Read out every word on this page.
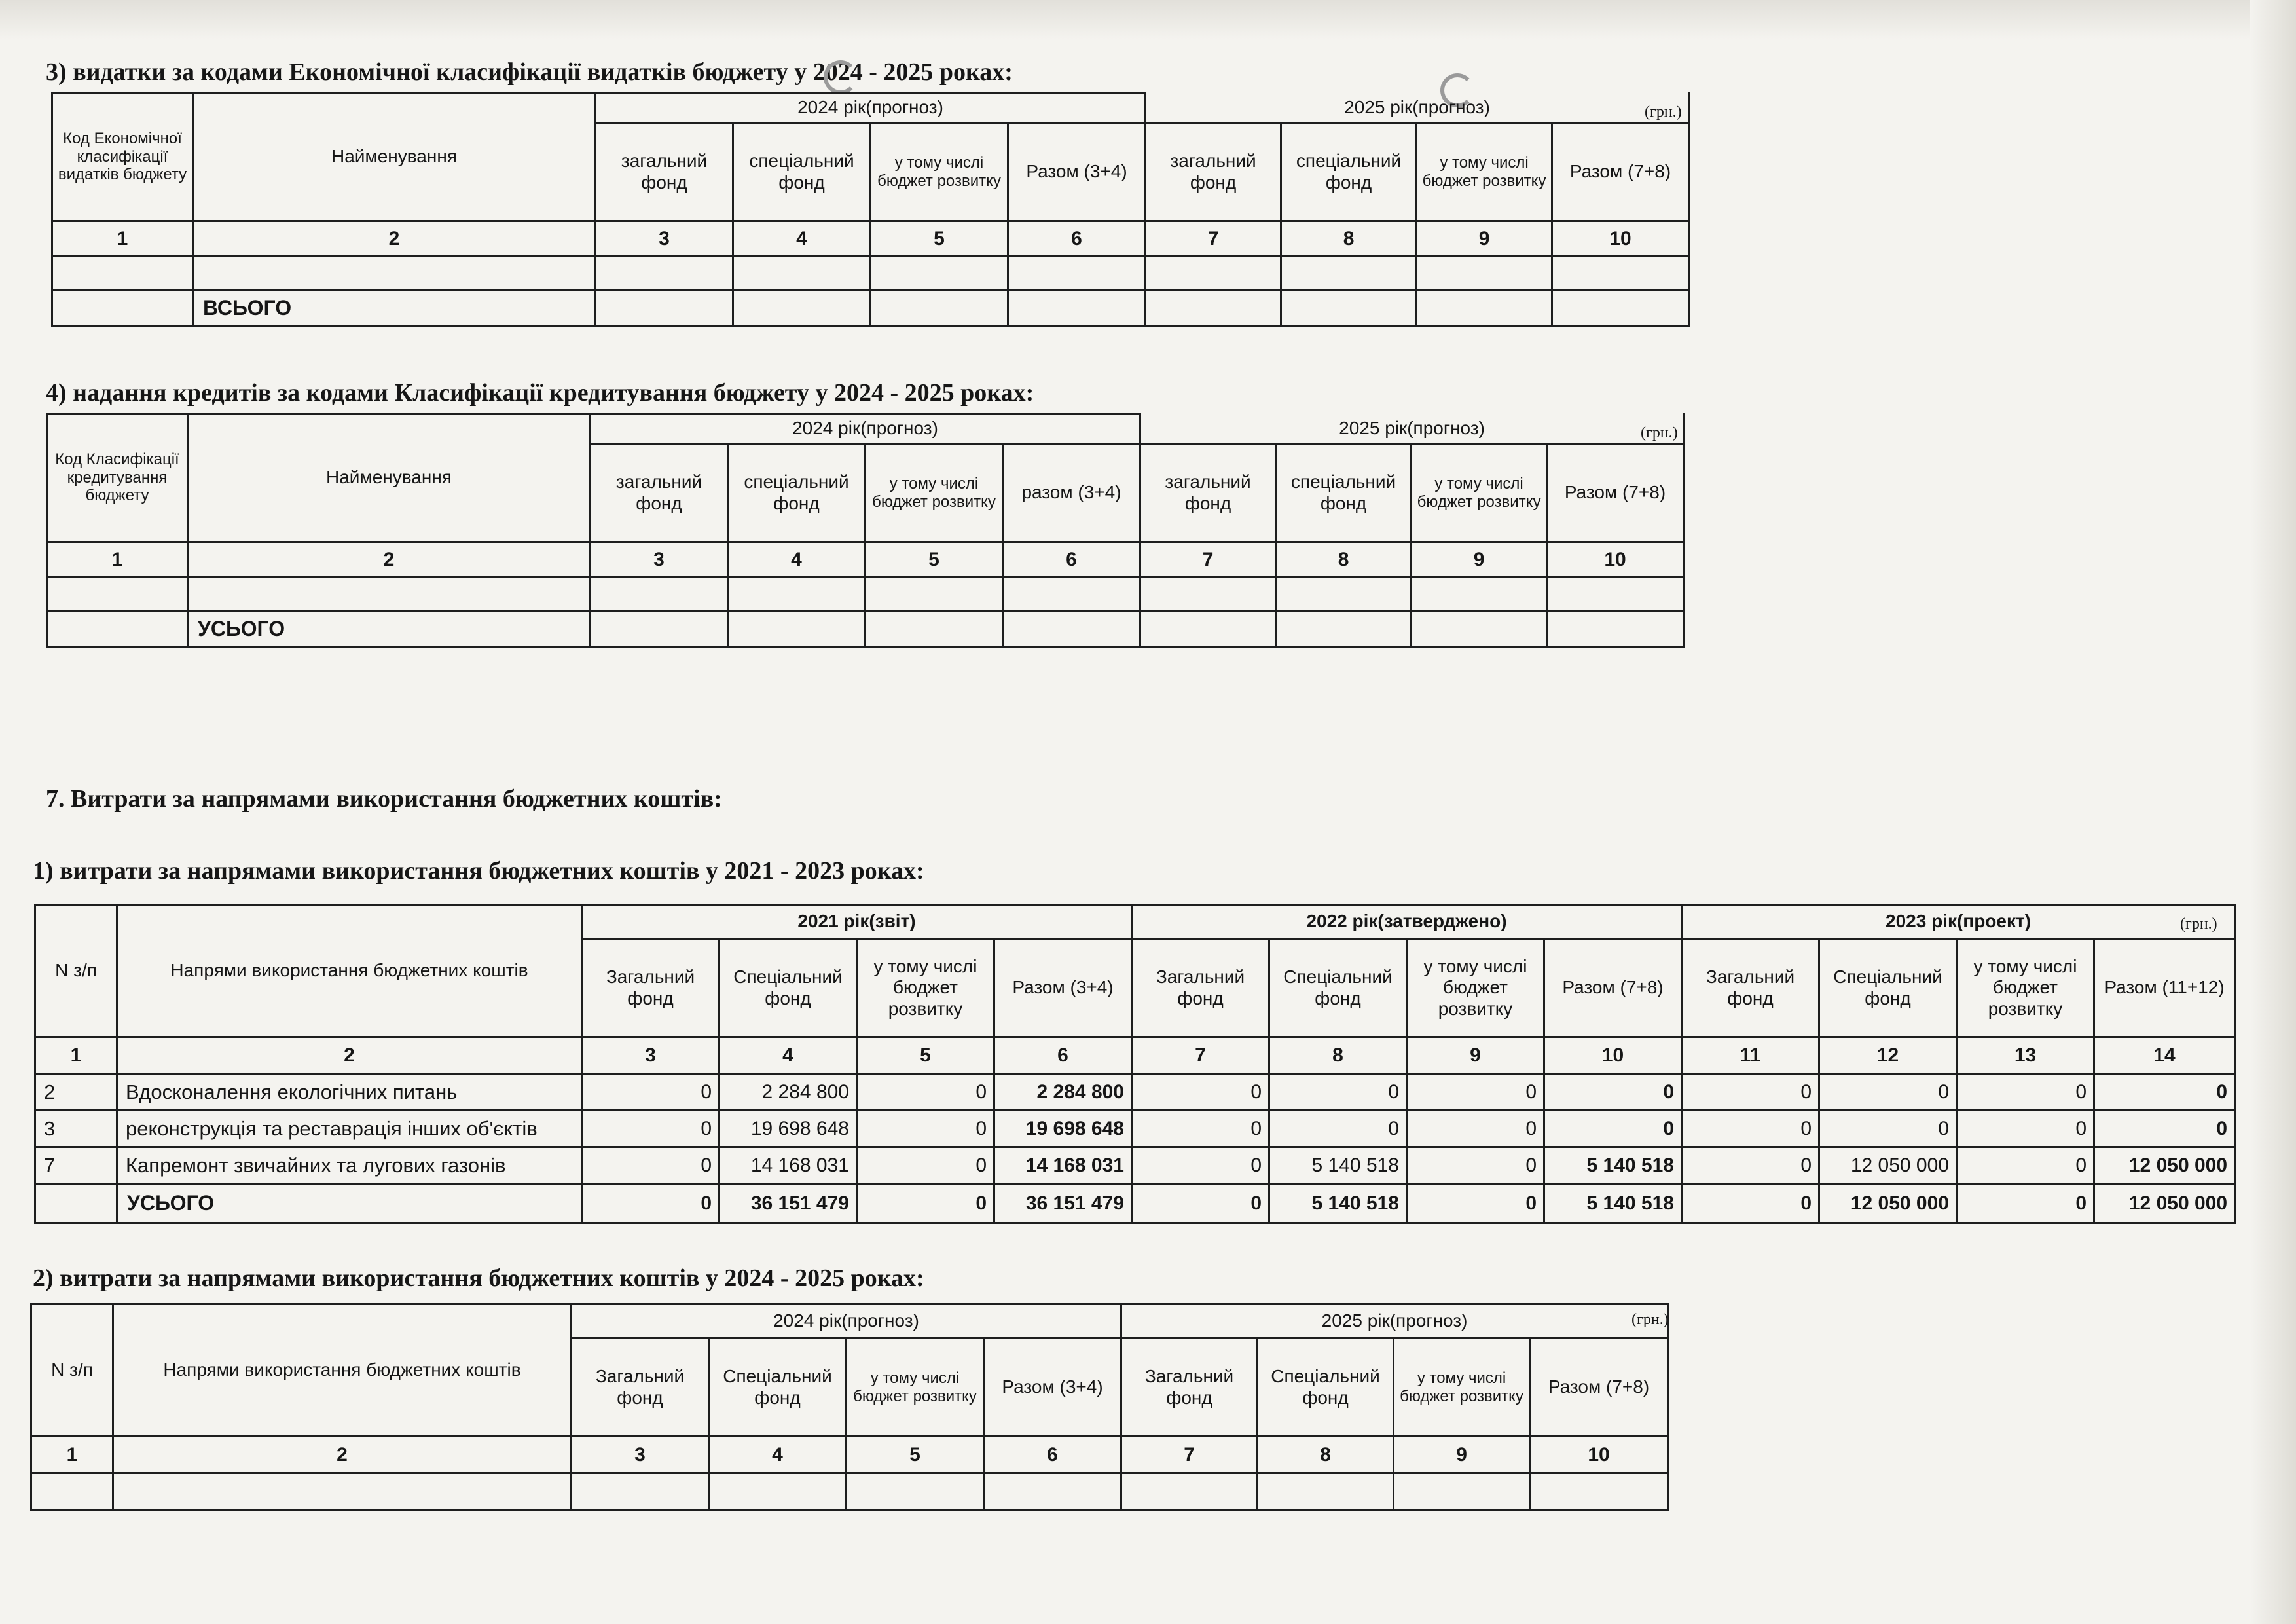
3) видатки за кодами Економічної класифікації видатків бюджету у 2024 - 2025 роках:
(грн.)
Код Економічної класифікації видатків бюджету	Найменування	2024 рік(прогноз)				2025 рік(прогноз)			
		загальний фонд	спеціальний фонд	у тому числі бюджет розвитку	Разом (3+4)	загальний фонд	спеціальний фонд	у тому числі бюджет розвитку	Разом (7+8)
1	2	3	4	5	6	7	8	9	10

	ВСЬОГО								
4) надання кредитів за кодами Класифікації кредитування бюджету у 2024 - 2025 роках:
(грн.)
Код Класифікації кредитування бюджету	Найменування	2024 рік(прогноз)				2025 рік(прогноз)			
		загальний фонд	спеціальний фонд	у тому числі бюджет розвитку	разом (3+4)	загальний фонд	спеціальний фонд	у тому числі бюджет розвитку	Разом (7+8)
1	2	3	4	5	6	7	8	9	10

	УСЬОГО								
7. Витрати за напрямами використання бюджетних коштів:
1) витрати за напрямами використання бюджетних коштів у 2021 - 2023 роках:
(грн.)
N з/п	Напрями використання бюджетних коштів	2021 рік(звіт)				2022 рік(затверджено)				2023 рік(проект)			
		Загальний фонд	Спеціальний фонд	у тому числі бюджет розвитку	Разом (3+4)	Загальний фонд	Спеціальний фонд	у тому числі бюджет розвитку	Разом (7+8)	Загальний фонд	Спеціальний фонд	у тому числі бюджет розвитку	Разом (11+12)
1	2	3	4	5	6	7	8	9	10	11	12	13	14
2	Вдосконалення екологічних питань	0	2 284 800	0	2 284 800	0	0	0	0	0	0	0	0
3	реконструкція та реставрація інших об'єктів	0	19 698 648	0	19 698 648	0	0	0	0	0	0	0	0
7	Капремонт звичайних та лугових газонів	0	14 168 031	0	14 168 031	0	5 140 518	0	5 140 518	0	12 050 000	0	12 050 000
	УСЬОГО	0	36 151 479	0	36 151 479	0	5 140 518	0	5 140 518	0	12 050 000	0	12 050 000
2) витрати за напрямами використання бюджетних коштів у 2024 - 2025 роках:
(грн.)
N з/п	Напрями використання бюджетних коштів	2024 рік(прогноз)				2025 рік(прогноз)			
		Загальний фонд	Спеціальний фонд	у тому числі бюджет розвитку	Разом (3+4)	Загальний фонд	Спеціальний фонд	у тому числі бюджет розвитку	Разом (7+8)
1	2	3	4	5	6	7	8	9	10
